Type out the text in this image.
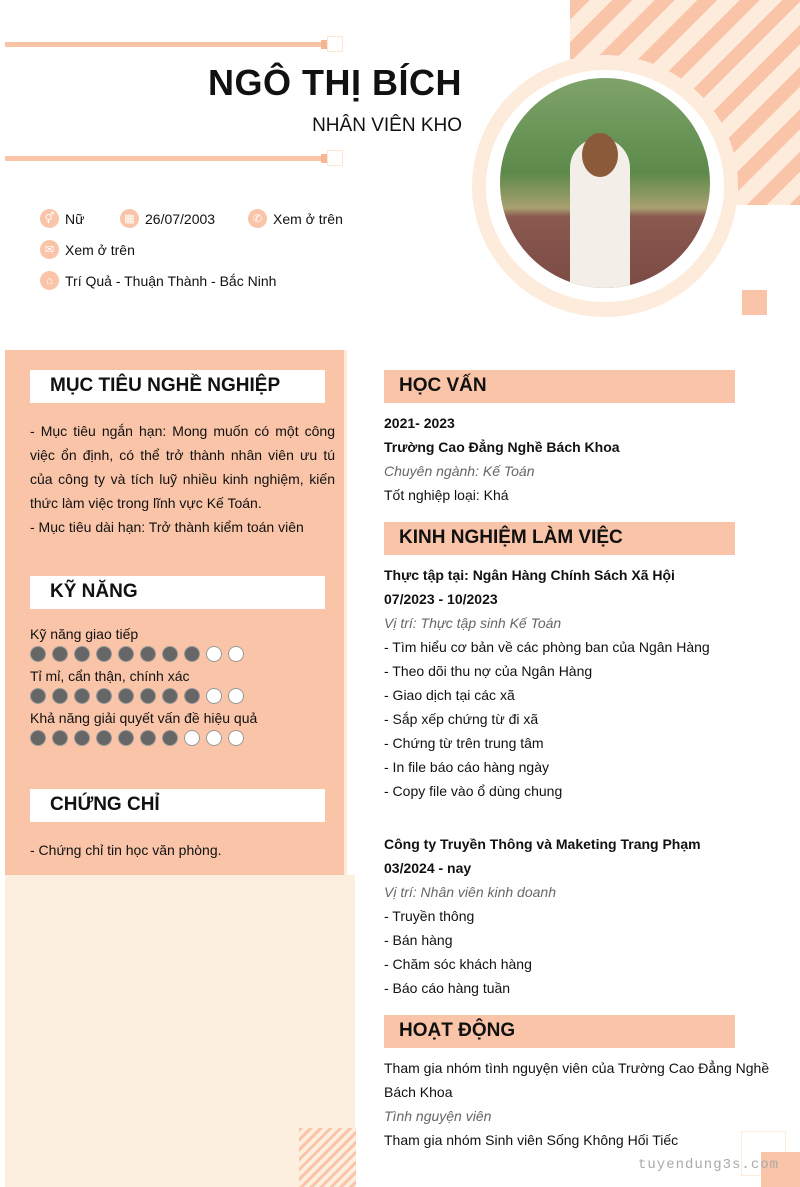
NGÔ THỊ BÍCH
NHÂN VIÊN KHO
⚥ Nữ	▦ 26/07/2003	✆ Xem ở trên
✉ Xem ở trên
⌂ Trí Quả - Thuận Thành - Bắc Ninh
MỤC TIÊU NGHỀ NGHIỆP
- Mục tiêu ngắn hạn: Mong muốn có một công việc ổn định, có thể trở thành nhân viên ưu tú của công ty và tích luỹ nhiều kinh nghiệm, kiến thức làm việc trong lĩnh vực Kế Toán.
- Mục tiêu dài hạn: Trở thành kiểm toán viên
KỸ NĂNG
Kỹ năng giao tiếp
Tỉ mỉ, cẩn thận, chính xác
Khả năng giải quyết vấn đề hiệu quả
CHỨNG CHỈ
- Chứng chỉ tin học văn phòng.
HỌC VẤN
2021- 2023
Trường Cao Đẳng Nghề Bách Khoa
Chuyên ngành: Kế Toán
Tốt nghiệp loại: Khá
KINH NGHIỆM LÀM VIỆC
Thực tập tại: Ngân Hàng Chính Sách Xã Hội
07/2023 - 10/2023
Vị trí: Thực tập sinh Kế Toán
- Tìm hiểu cơ bản về các phòng ban của Ngân Hàng
- Theo dõi thu nợ của Ngân Hàng
- Giao dịch tại các xã
- Sắp xếp chứng từ đi xã
- Chứng từ trên trung tâm
- In file báo cáo hàng ngày
- Copy file vào ổ dùng chung
Công ty Truyền Thông và Maketing Trang Phạm
03/2024 - nay
Vị trí: Nhân viên kinh doanh
- Truyền thông
- Bán hàng
- Chăm sóc khách hàng
- Báo cáo hàng tuần
HOẠT ĐỘNG
Tham gia nhóm tình nguyện viên của Trường Cao Đẳng Nghề Bách Khoa
Tình nguyện viên
Tham gia nhóm Sinh viên Sống Không Hối Tiếc
tuyendung3s.com
